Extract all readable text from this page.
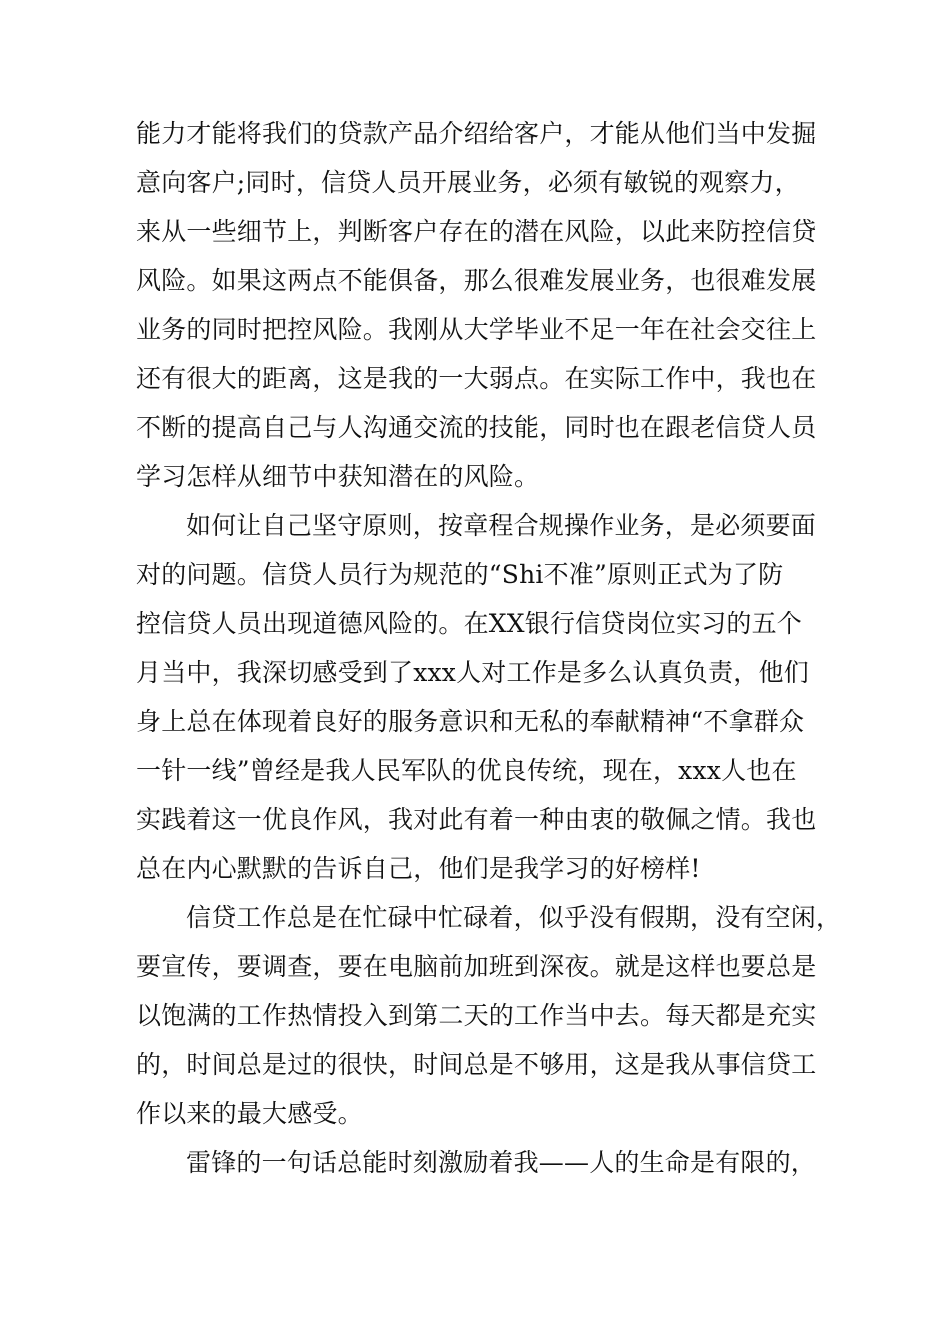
能力才能将我们的贷款产品介绍给客户，才能从他们当中发掘
意向客户;同时，信贷人员开展业务，必须有敏锐的观察力，
来从一些细节上，判断客户存在的潜在风险，以此来防控信贷
风险。如果这两点不能俱备，那么很难发展业务，也很难发展
业务的同时把控风险。我刚从大学毕业不足一年在社会交往上
还有很大的距离，这是我的一大弱点。在实际工作中，我也在
不断的提高自己与人沟通交流的技能，同时也在跟老信贷人员
学习怎样从细节中获知潜在的风险。
如何让自己坚守原则，按章程合规操作业务，是必须要面
对的问题。信贷人员行为规范的“Shi不准”原则正式为了防
控信贷人员出现道德风险的。在XX银行信贷岗位实习的五个
月当中，我深切感受到了xxx人对工作是多么认真负责，他们
身上总在体现着良好的服务意识和无私的奉献精神“不拿群众
一针一线”曾经是我人民军队的优良传统，现在，xxx人也在
实践着这一优良作风，我对此有着一种由衷的敬佩之情。我也
总在内心默默的告诉自己，他们是我学习的好榜样!
信贷工作总是在忙碌中忙碌着，似乎没有假期，没有空闲，
要宣传，要调查，要在电脑前加班到深夜。就是这样也要总是
以饱满的工作热情投入到第二天的工作当中去。每天都是充实
的，时间总是过的很快，时间总是不够用，这是我从事信贷工
作以来的最大感受。
雷锋的一句话总能时刻激励着我——人的生命是有限的，
